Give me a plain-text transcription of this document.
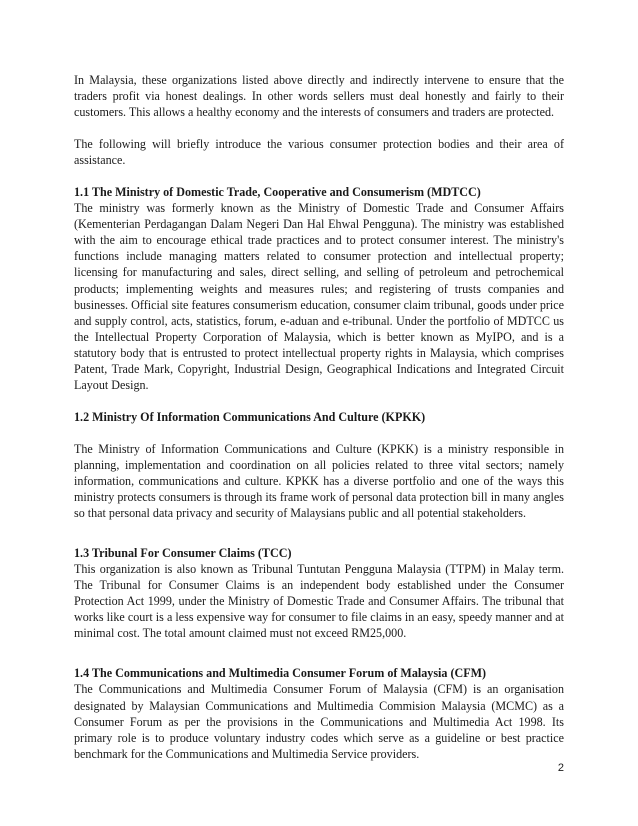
In Malaysia, these organizations listed above directly and indirectly intervene to ensure that the traders profit via honest dealings. In other words sellers must deal honestly and fairly to their customers. This allows a healthy economy and the interests of consumers and traders are protected.

The following will briefly introduce the various consumer protection bodies and their area of assistance.

1.1 The Ministry of Domestic Trade, Cooperative and Consumerism (MDTCC)

The ministry was formerly known as the Ministry of Domestic Trade and Consumer Affairs (Kementerian Perdagangan Dalam Negeri Dan Hal Ehwal Pengguna). The ministry was established with the aim to encourage ethical trade practices and to protect consumer interest. The ministry's functions include managing matters related to consumer protection and intellectual property; licensing for manufacturing and sales, direct selling, and selling of petroleum and petrochemical products; implementing weights and measures rules; and registering of trusts companies and businesses. Official site features consumerism education, consumer claim tribunal, goods under price and supply control, acts, statistics, forum, e-aduan and e-tribunal. Under the portfolio of MDTCC us the Intellectual Property Corporation of Malaysia, which is better known as MyIPO, and is a statutory body that is entrusted to protect intellectual property rights in Malaysia, which comprises Patent, Trade Mark, Copyright, Industrial Design, Geographical Indications and Integrated Circuit Layout Design.

1.2 Ministry Of Information Communications And Culture (KPKK)

The Ministry of Information Communications and Culture (KPKK) is a ministry responsible in planning, implementation and coordination on all policies related to three vital sectors; namely information, communications and culture. KPKK has a diverse portfolio and one of the ways this ministry protects consumers is through its frame work of personal data protection bill in many angles so that personal data privacy and security of Malaysians public and all potential stakeholders.

1.3 Tribunal For Consumer Claims (TCC)

This organization is also known as Tribunal Tuntutan Pengguna Malaysia (TTPM) in Malay term. The Tribunal for Consumer Claims is an independent body established under the Consumer Protection Act 1999, under the Ministry of Domestic Trade and Consumer Affairs. The tribunal that works like court is a less expensive way for consumer to file claims in an easy, speedy manner and at minimal cost. The total amount claimed must not exceed RM25,000.

1.4 The Communications and Multimedia Consumer Forum of Malaysia (CFM)

The Communications and Multimedia Consumer Forum of Malaysia (CFM) is an organisation designated by Malaysian Communications and Multimedia Commision Malaysia (MCMC) as a Consumer Forum as per the provisions in the Communications and Multimedia Act 1998. Its primary role is to produce voluntary industry codes which serve as a guideline or best practice benchmark for the Communications and Multimedia Service providers.

2
